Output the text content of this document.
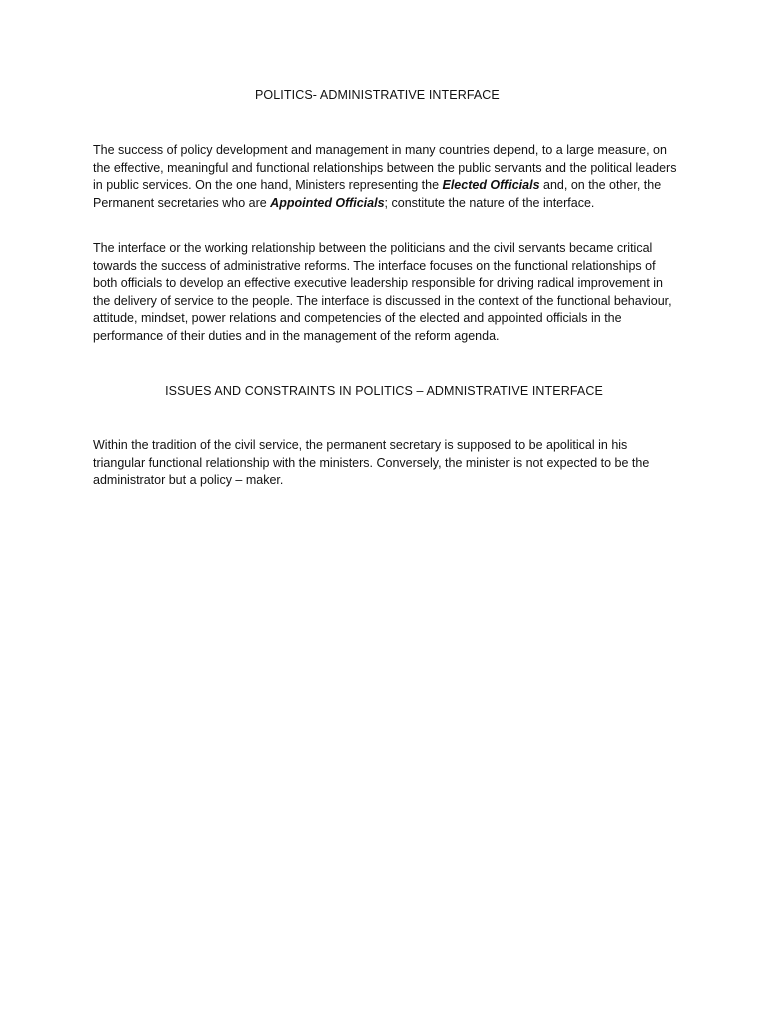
POLITICS- ADMINISTRATIVE INTERFACE

The success of policy development and management in many countries depend, to a large measure, on the effective, meaningful and functional relationships between the public servants and the political leaders in public services. On the one hand, Ministers representing the Elected Officials and, on the other, the Permanent secretaries who are Appointed Officials; constitute the nature of the interface.

The interface or the working relationship between the politicians and the civil servants became critical towards the success of administrative reforms. The interface focuses on the functional relationships of both officials to develop an effective executive leadership responsible for driving radical improvement in the delivery of service to the people. The interface is discussed in the context of the functional behaviour, attitude, mindset, power relations and competencies of the elected and appointed officials in the performance of their duties and in the management of the reform agenda.

ISSUES AND CONSTRAINTS IN POLITICS – ADMNISTRATIVE INTERFACE

Within the tradition of the civil service, the permanent secretary is supposed to be apolitical in his triangular functional relationship with the ministers. Conversely, the minister is not expected to be the administrator but a policy – maker.
